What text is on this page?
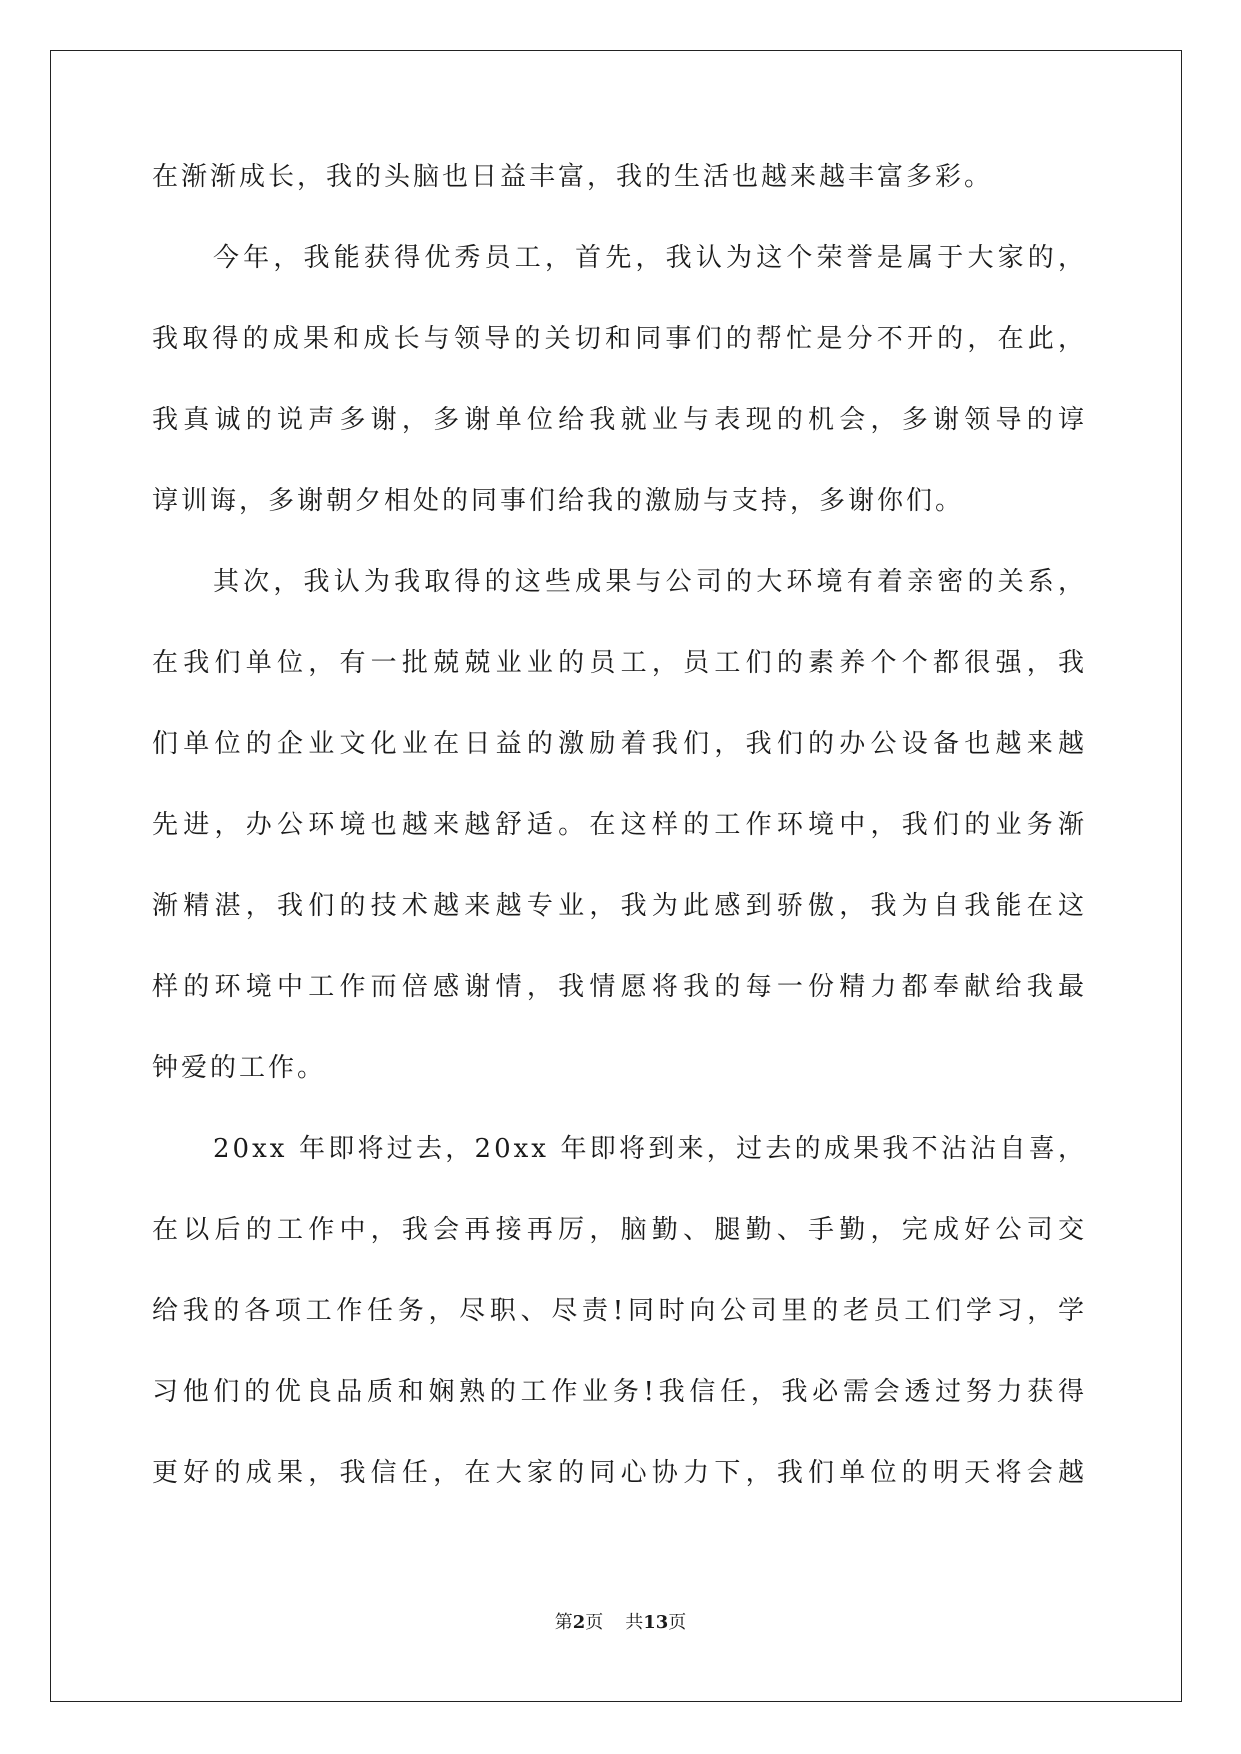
在渐渐成长，我的头脑也日益丰富，我的生活也越来越丰富多彩。
今年，我能获得优秀员工，首先，我认为这个荣誉是属于大家的，
我取得的成果和成长与领导的关切和同事们的帮忙是分不开的，在此，
我真诚的说声多谢，多谢单位给我就业与表现的机会，多谢领导的谆
谆训诲，多谢朝夕相处的同事们给我的激励与支持，多谢你们。
其次，我认为我取得的这些成果与公司的大环境有着亲密的关系，
在我们单位，有一批兢兢业业的员工，员工们的素养个个都很强，我
们单位的企业文化业在日益的激励着我们，我们的办公设备也越来越
先进，办公环境也越来越舒适。在这样的工作环境中，我们的业务渐
渐精湛，我们的技术越来越专业，我为此感到骄傲，我为自我能在这
样的环境中工作而倍感谢情，我情愿将我的每一份精力都奉献给我最
钟爱的工作。
20xx 年即将过去，20xx 年即将到来，过去的成果我不沾沾自喜，
在以后的工作中，我会再接再厉，脑勤、腿勤、手勤，完成好公司交
给我的各项工作任务，尽职、尽责!同时向公司里的老员工们学习，学
习他们的优良品质和娴熟的工作业务!我信任，我必需会透过努力获得
更好的成果，我信任，在大家的同心协力下，我们单位的明天将会越
第2页 共13页
